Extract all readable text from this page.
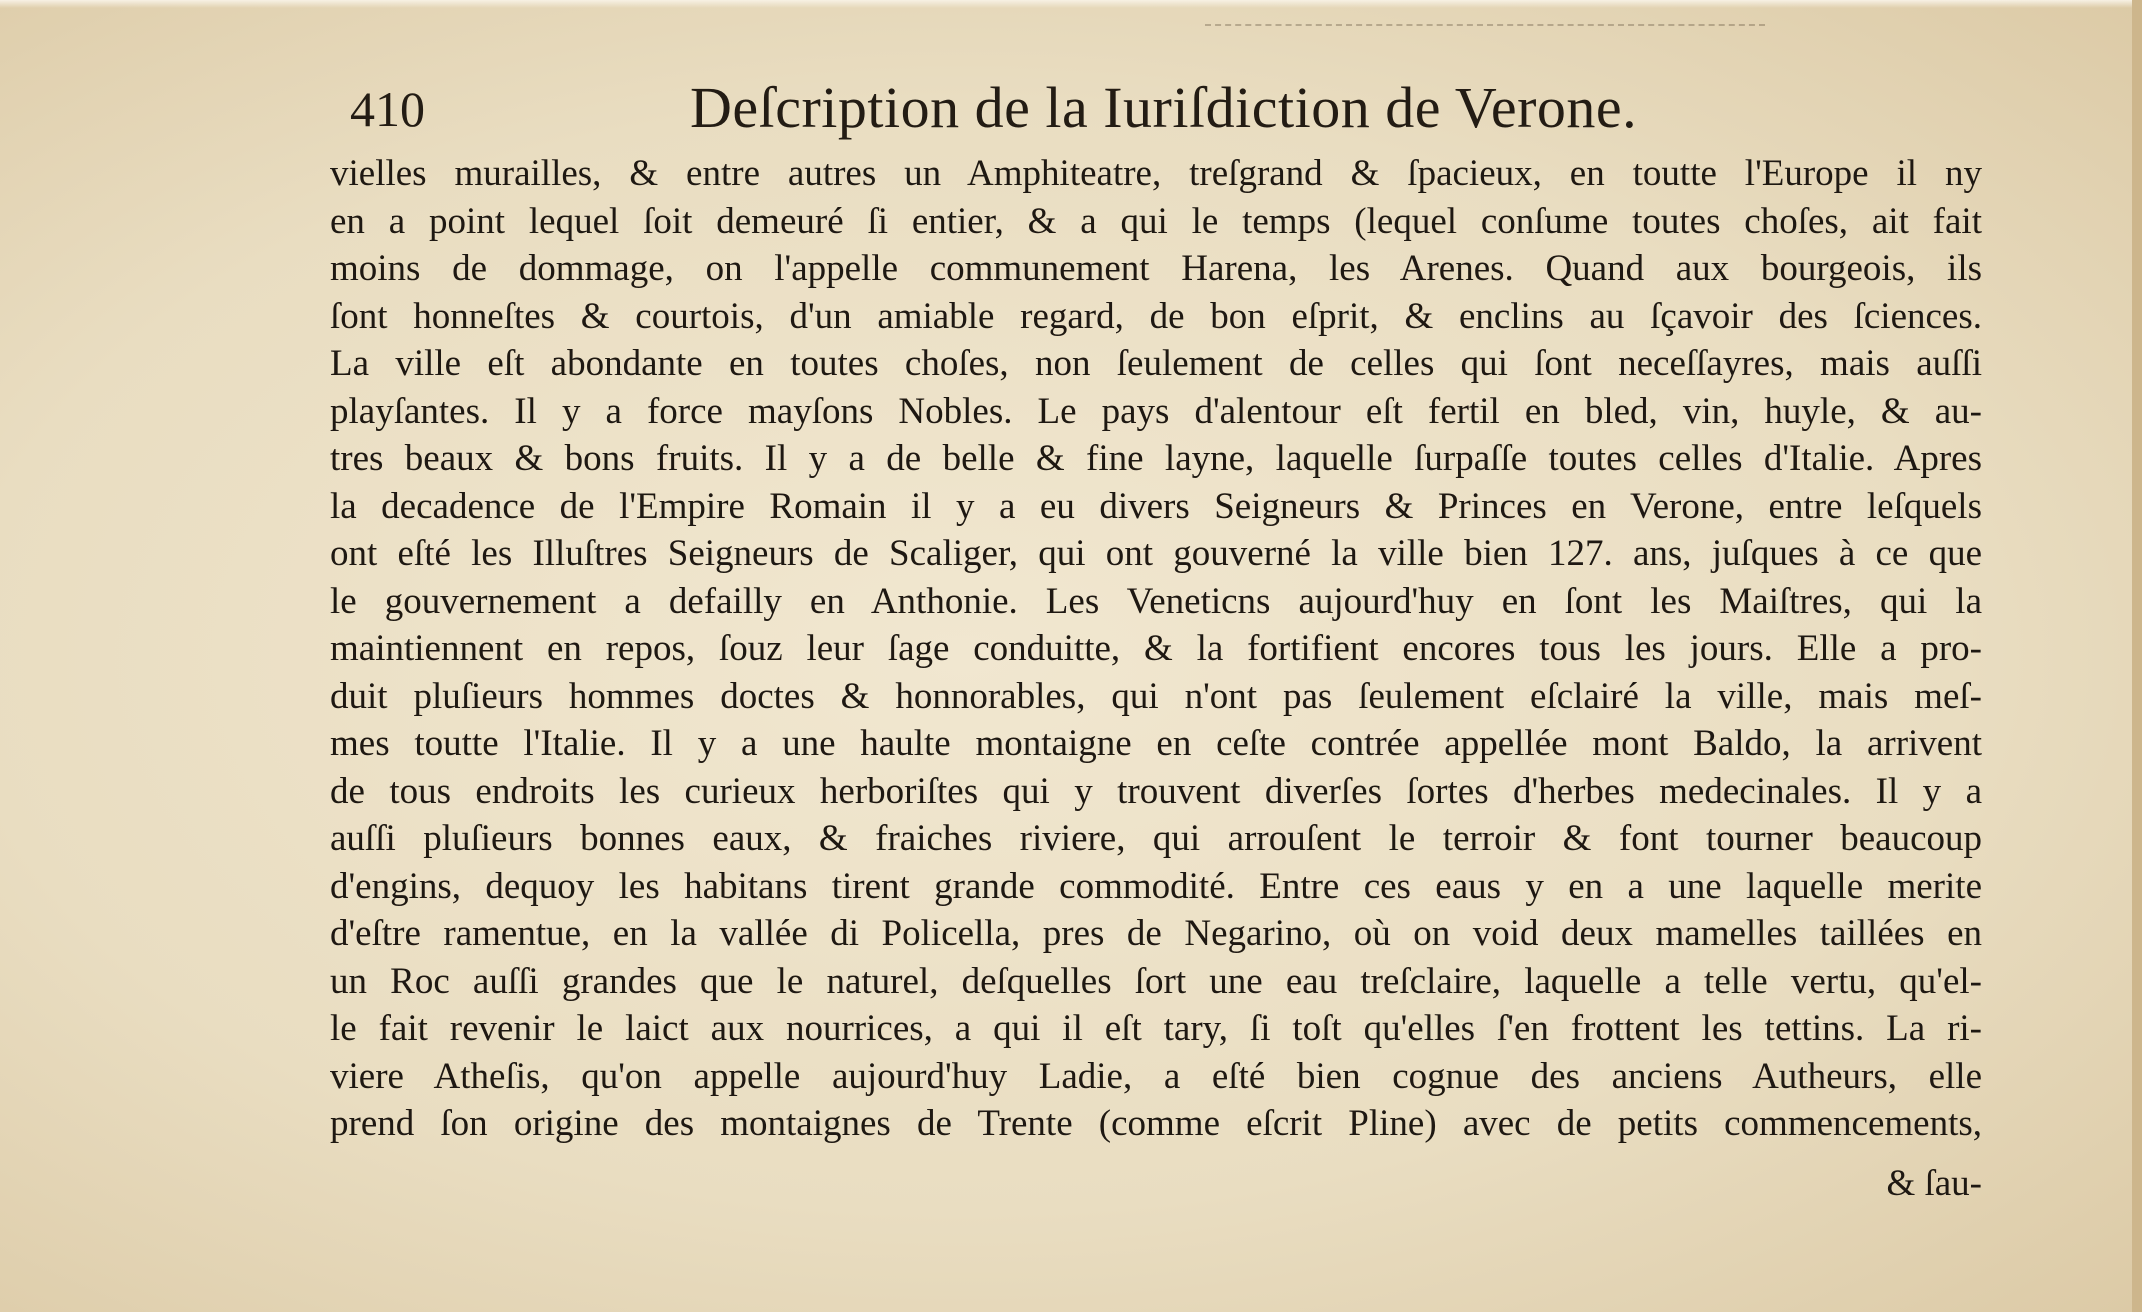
410	Deſcription de la Iuriſdiction de Verone.
vielles murailles, & entre autres un Amphiteatre, treſgrand & ſpacieux, en toutte l'Europe il ny
en a point lequel ſoit demeuré ſi entier, & a qui le temps (lequel conſume toutes choſes, ait fait
moins de dommage, on l'appelle communement Harena, les Arenes. Quand aux bourgeois, ils
ſont honneſtes & courtois, d'un amiable regard, de bon eſprit, & enclins au ſçavoir des ſciences.
La ville eſt abondante en toutes choſes, non ſeulement de celles qui ſont neceſſayres, mais auſſi
playſantes. Il y a force mayſons Nobles. Le pays d'alentour eſt fertil en bled, vin, huyle, & au-
tres beaux & bons fruits. Il y a de belle & fine layne, laquelle ſurpaſſe toutes celles d'Italie. Apres
la decadence de l'Empire Romain il y a eu divers Seigneurs & Princes en Verone, entre leſquels
ont eſté les Illuſtres Seigneurs de Scaliger, qui ont gouverné la ville bien 127. ans, juſques à ce que
le gouvernement a defailly en Anthonie. Les Veneticns aujourd'huy en ſont les Maiſtres, qui la
maintiennent en repos, ſouz leur ſage conduitte, & la fortifient encores tous les jours. Elle a pro-
duit pluſieurs hommes doctes & honnorables, qui n'ont pas ſeulement eſclairé la ville, mais meſ-
mes toutte l'Italie. Il y a une haulte montaigne en ceſte contrée appellée mont Baldo, la arrivent
de tous endroits les curieux herboriſtes qui y trouvent diverſes ſortes d'herbes medecinales. Il y a
auſſi pluſieurs bonnes eaux, & fraiches riviere, qui arrouſent le terroir & font tourner beaucoup
d'engins, dequoy les habitans tirent grande commodité. Entre ces eaus y en a une laquelle merite
d'eſtre ramentue, en la vallée di Policella, pres de Negarino, où on void deux mamelles taillées en
un Roc auſſi grandes que le naturel, deſquelles ſort une eau treſclaire, laquelle a telle vertu, qu'el-
le fait revenir le laict aux nourrices, a qui il eſt tary, ſi toſt qu'elles ſ'en frottent les tettins. La ri-
viere Atheſis, qu'on appelle aujourd'huy Ladie, a eſté bien cognue des anciens Autheurs, elle
prend ſon origine des montaignes de Trente (comme eſcrit Pline) avec de petits commencements,
& ſau-
